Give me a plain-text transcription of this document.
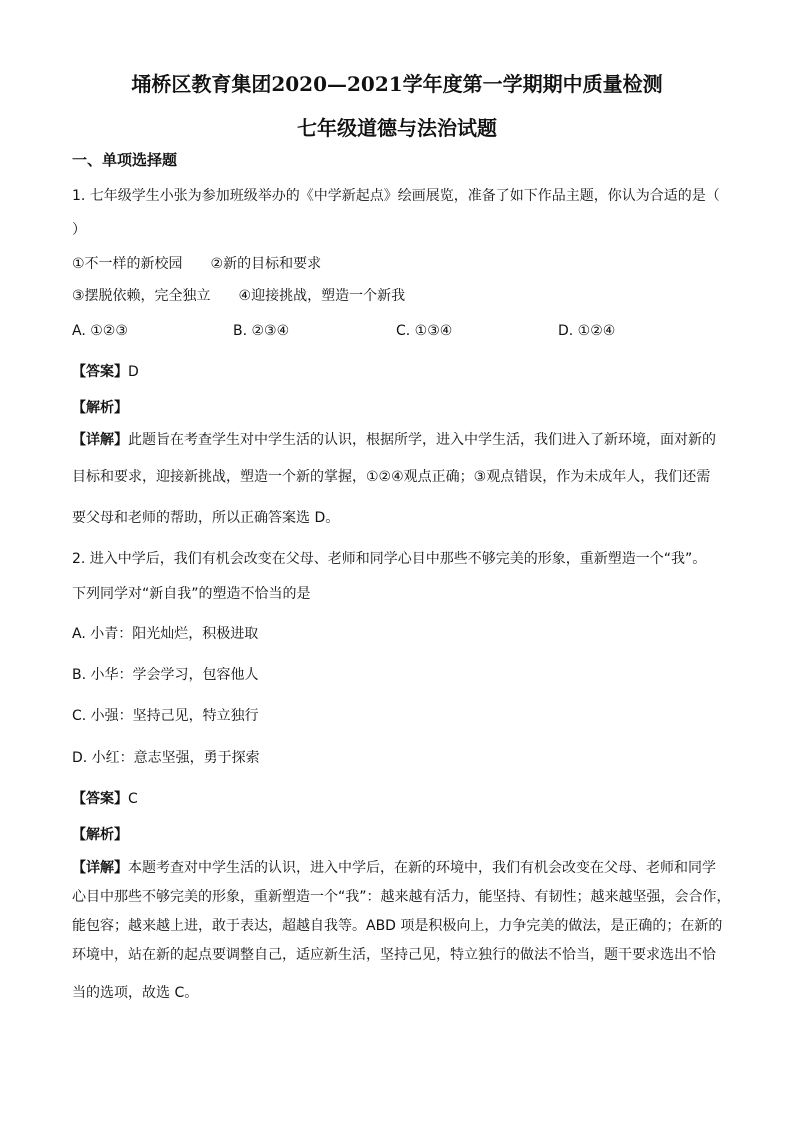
埇桥区教育集团2020—2021学年度第一学期期中质量检测
七年级道德与法治试题
一、单项选择题
1. 七年级学生小张为参加班级举办的《中学新起点》绘画展览，准备了如下作品主题，你认为合适的是（
）
①不一样的新校园　　②新的目标和要求
③摆脱依赖，完全独立　　④迎接挑战，塑造一个新我
A. ①②③	B. ②③④	C. ①③④	D. ①②④
【答案】D
【解析】
【详解】此题旨在考查学生对中学生活的认识，根据所学，进入中学生活，我们进入了新环境，面对新的
目标和要求，迎接新挑战，塑造一个新的掌握，①②④观点正确；③观点错误，作为未成年人，我们还需
要父母和老师的帮助，所以正确答案选 D。
2. 进入中学后，我们有机会改变在父母、老师和同学心目中那些不够完美的形象，重新塑造一个“我”。
下列同学对“新自我”的塑造不恰当的是
A. 小青：阳光灿烂，积极进取
B. 小华：学会学习，包容他人
C. 小强：坚持己见，特立独行
D. 小红：意志坚强，勇于探索
【答案】C
【解析】
【详解】本题考查对中学生活的认识，进入中学后，在新的环境中，我们有机会改变在父母、老师和同学
心目中那些不够完美的形象，重新塑造一个“我”：越来越有活力，能坚持、有韧性；越来越坚强，会合作，
能包容；越来越上进，敢于表达，超越自我等。ABD 项是积极向上，力争完美的做法，是正确的；在新的
环境中，站在新的起点要调整自己，适应新生活，坚持己见，特立独行的做法不恰当，题干要求选出不恰
当的选项，故选 C。
